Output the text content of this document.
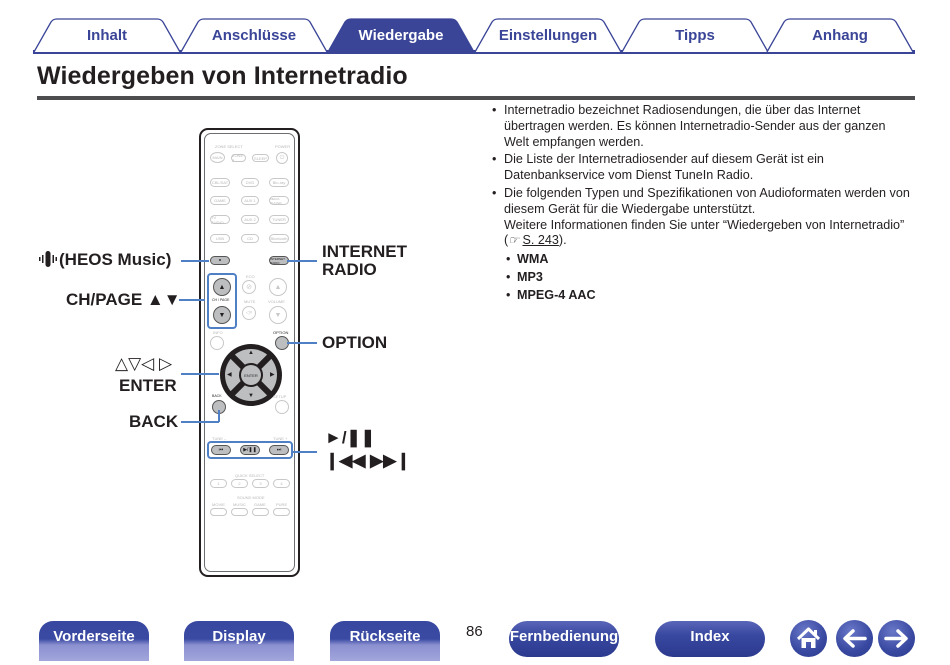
Inhalt	Anschlüsse	Wiedergabe	Einstellungen	Tipps	Anhang
Wiedergeben von Internetradio
• Internetradio bezeichnet Radiosendungen, die über das Internet übertragen werden. Es können Internetradio-Sender aus der ganzen Welt empfangen werden.
• Die Liste der Internetradiosender auf diesem Gerät ist ein Datenbankservice vom Dienst TuneIn Radio.
• Die folgenden Typen und Spezifikationen von Audioformaten werden von diesem Gerät für die Wiedergabe unterstützt.
Weitere Informationen finden Sie unter “Wiedergeben von Internetradio” (☞ S. 243).
• WMA
• MP3
• MPEG-4 AAC
ZONE SELECT	POWER
MAIN	ZONE 2	SLEEP	⏻
CBL/SAT	DVD	Blu-ray
GAME	AUX 1	MEDIA PLAYER
TV AUDIO	AUX 2	TUNER
USB	CD	Bluetooth
⬩	INTERNET RADIO
▲
CH / PAGE
▼
ECO
⊘
MUTE
◁×
▲
VOLUME
▼
INFO	OPTION
ENTER
▲
▼
◀	▶
BACK	SETUP
TUNE –	TUNE +
⏮	▶/❚❚	⏭
QUICK SELECT
1	2	3	4
SOUND MODE
MOVIE MUSIC GAME	PURE
(HEOS Music)
CH/PAGE ▲▼
△▽◁ ▷
ENTER
BACK
INTERNET
RADIO
OPTION
►/❚❚
❙◀◀ ▶▶❙
Vorderseite	Display	Rückseite	86 Fernbedienung	Index
